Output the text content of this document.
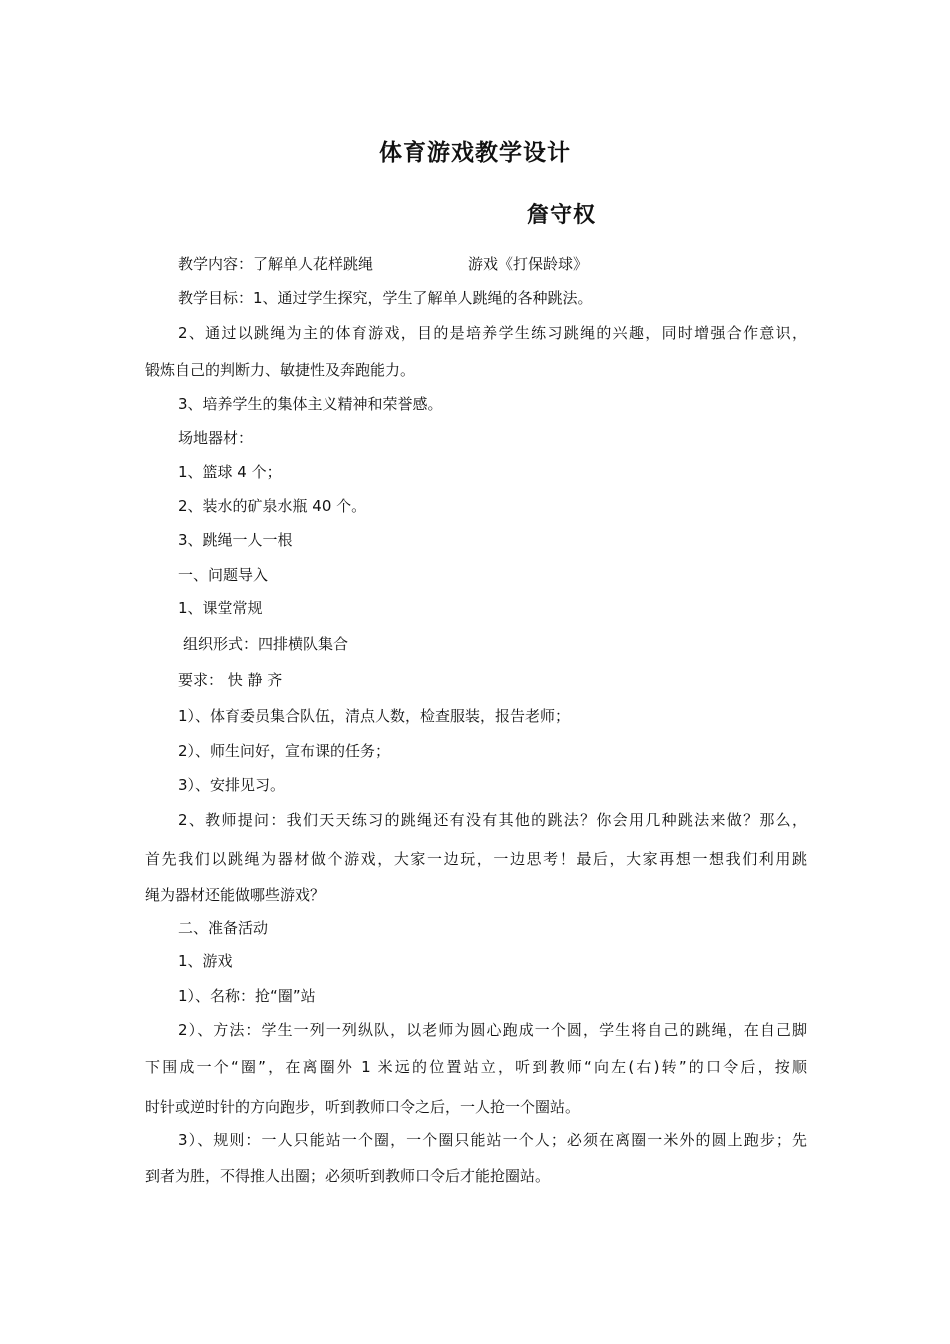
体育游戏教学设计
詹守权
教学内容：了解单人花样跳绳	游戏《打保龄球》
教学目标：1、通过学生探究，学生了解单人跳绳的各种跳法。
2、通过以跳绳为主的体育游戏，目的是培养学生练习跳绳的兴趣，同时增强合作意识，
锻炼自己的判断力、敏捷性及奔跑能力。
3、培养学生的集体主义精神和荣誉感。
场地器材：
1、篮球 4 个；
2、装水的矿泉水瓶 40 个。
3、跳绳一人一根
一、问题导入
1、课堂常规
组织形式：四排横队集合
要求： 快 静 齐
1）、体育委员集合队伍，清点人数，检查服装，报告老师；
2）、师生问好，宣布课的任务；
3）、安排见习。
2、教师提问：我们天天练习的跳绳还有没有其他的跳法？你会用几种跳法来做？那么，
首先我们以跳绳为器材做个游戏，大家一边玩，一边思考！最后，大家再想一想我们利用跳
绳为器材还能做哪些游戏？
二、准备活动
1、游戏
1）、名称：抢“圈”站
2）、方法：学生一列一列纵队，以老师为圆心跑成一个圆，学生将自己的跳绳，在自己脚
下围成一个“圈”，在离圈外 1 米远的位置站立，听到教师“向左(右)转”的口令后，按顺
时针或逆时针的方向跑步，听到教师口令之后，一人抢一个圈站。
3）、规则：一人只能站一个圈，一个圈只能站一个人；必须在离圈一米外的圆上跑步；先
到者为胜，不得推人出圈；必须听到教师口令后才能抢圈站。
